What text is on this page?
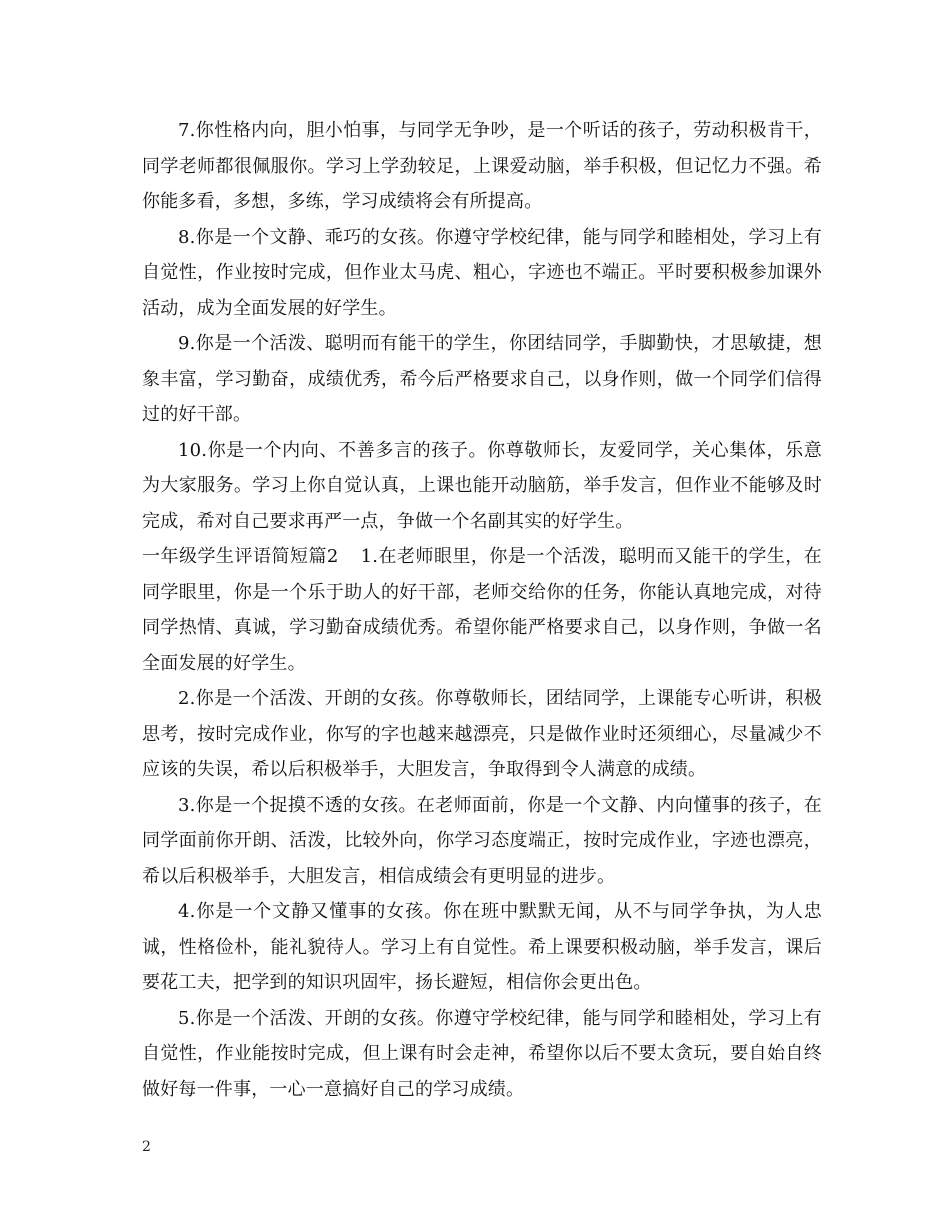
7.你性格内向，胆小怕事，与同学无争吵，是一个听话的孩子，劳动积极肯干，同学老师都很佩服你。学习上学劲较足，上课爱动脑，举手积极，但记忆力不强。希你能多看，多想，多练，学习成绩将会有所提高。

8.你是一个文静、乖巧的女孩。你遵守学校纪律，能与同学和睦相处，学习上有自觉性，作业按时完成，但作业太马虎、粗心，字迹也不端正。平时要积极参加课外活动，成为全面发展的好学生。

9.你是一个活泼、聪明而有能干的学生，你团结同学，手脚勤快，才思敏捷，想象丰富，学习勤奋，成绩优秀，希今后严格要求自己，以身作则，做一个同学们信得过的好干部。

10.你是一个内向、不善多言的孩子。你尊敬师长，友爱同学，关心集体，乐意为大家服务。学习上你自觉认真，上课也能开动脑筋，举手发言，但作业不能够及时完成，希对自己要求再严一点，争做一个名副其实的好学生。

一年级学生评语简短篇2 1.在老师眼里，你是一个活泼，聪明而又能干的学生，在同学眼里，你是一个乐于助人的好干部，老师交给你的任务，你能认真地完成，对待同学热情、真诚，学习勤奋成绩优秀。希望你能严格要求自己，以身作则，争做一名全面发展的好学生。

2.你是一个活泼、开朗的女孩。你尊敬师长，团结同学，上课能专心听讲，积极思考，按时完成作业，你写的字也越来越漂亮，只是做作业时还须细心，尽量减少不应该的失误，希以后积极举手，大胆发言，争取得到令人满意的成绩。

3.你是一个捉摸不透的女孩。在老师面前，你是一个文静、内向懂事的孩子，在同学面前你开朗、活泼，比较外向，你学习态度端正，按时完成作业，字迹也漂亮，希以后积极举手，大胆发言，相信成绩会有更明显的进步。

4.你是一个文静又懂事的女孩。你在班中默默无闻，从不与同学争执，为人忠诚，性格俭朴，能礼貌待人。学习上有自觉性。希上课要积极动脑，举手发言，课后要花工夫，把学到的知识巩固牢，扬长避短，相信你会更出色。

5.你是一个活泼、开朗的女孩。你遵守学校纪律，能与同学和睦相处，学习上有自觉性，作业能按时完成，但上课有时会走神，希望你以后不要太贪玩，要自始自终做好每一件事，一心一意搞好自己的学习成绩。

2
